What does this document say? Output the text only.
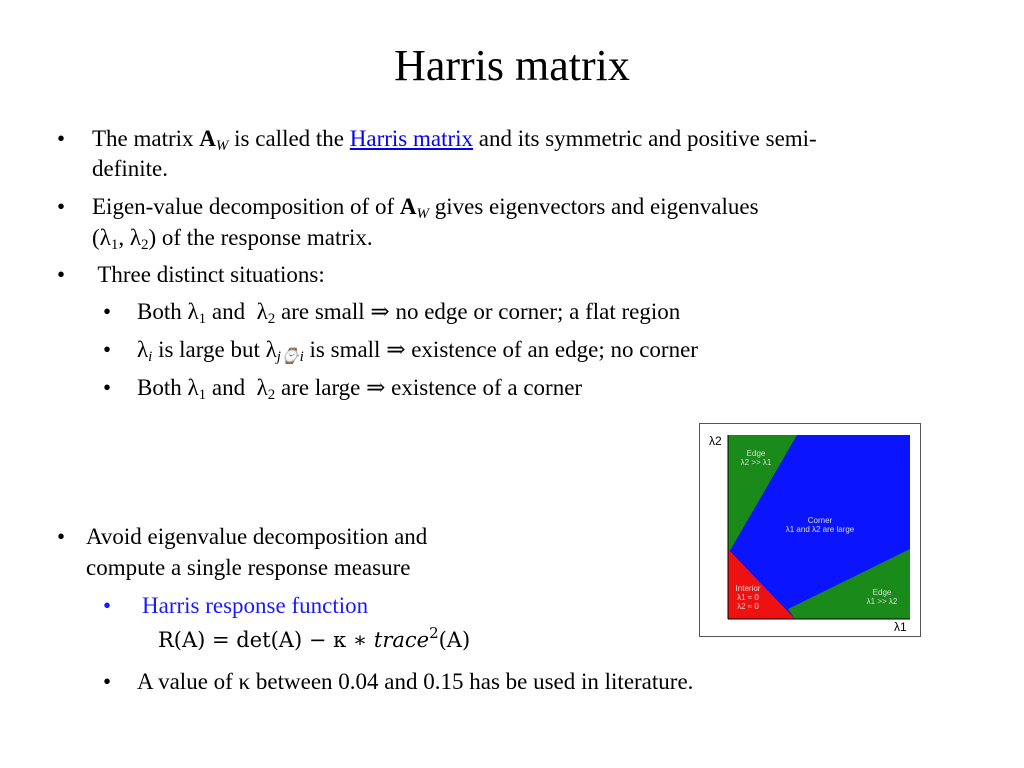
Harris matrix
• The matrix $A_W$ is called the Harris matrix and its symmetric and positive semi-
definite.
• Eigen-value decomposition of of $A_W$ gives eigenvectors and eigenvalues
($\lambda_1$, $\lambda_2$) of the response matrix.
• Three distinct situations:
• Both $\lambda_1$ and  $\lambda_2$ are small ⇒ no edge or corner; a flat region
• $\lambda_i$ is large but $\lambda_{j⌚i}$ is small ⇒ existence of an edge; no corner
• Both $\lambda_1$ and  $\lambda_2$ are large ⇒ existence of a corner
• Avoid eigenvalue decomposition and
compute a single response measure
• Harris response function
R(A) = det(A) − κ ∗ trace$^2$(A)
• A value of κ between 0.04 and 0.15 has be used in literature.
λ2
λ1
Edge
λ2 >> λ1
Corner
λ1 and λ2 are large
Interior
λ1 ≈ 0
λ2 ≈ 0
Edge
λ1 >> λ2
